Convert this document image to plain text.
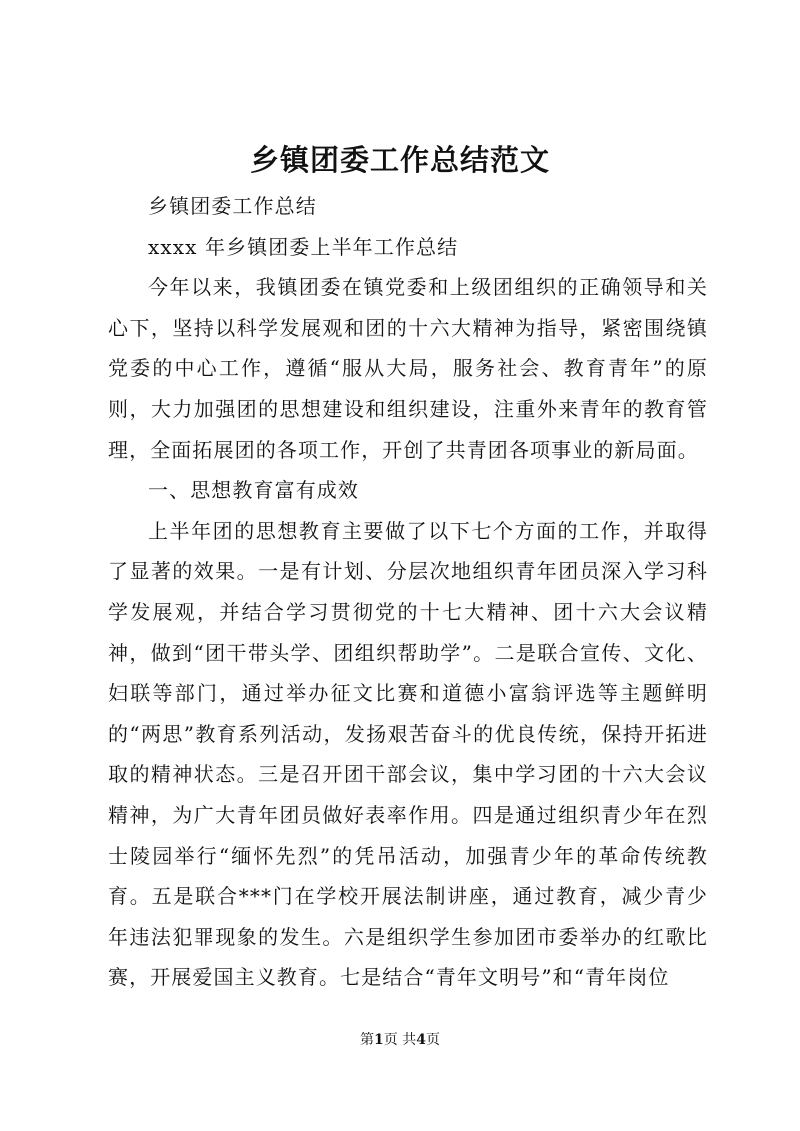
乡镇团委工作总结范文

乡镇团委工作总结

xxxx 年乡镇团委上半年工作总结

今年以来，我镇团委在镇党委和上级团组织的正确领导和关心下，坚持以科学发展观和团的十六大精神为指导，紧密围绕镇党委的中心工作，遵循“服从大局，服务社会、教育青年”的原则，大力加强团的思想建设和组织建设，注重外来青年的教育管理，全面拓展团的各项工作，开创了共青团各项事业的新局面。

一、思想教育富有成效

上半年团的思想教育主要做了以下七个方面的工作，并取得了显著的效果。一是有计划、分层次地组织青年团员深入学习科学发展观，并结合学习贯彻党的十七大精神、团十六大会议精神，做到“团干带头学、团组织帮助学”。二是联合宣传、文化、妇联等部门，通过举办征文比赛和道德小富翁评选等主题鲜明的“两思”教育系列活动，发扬艰苦奋斗的优良传统，保持开拓进取的精神状态。三是召开团干部会议，集中学习团的十六大会议精神，为广大青年团员做好表率作用。四是通过组织青少年在烈士陵园举行“缅怀先烈”的凭吊活动，加强青少年的革命传统教育。五是联合***门在学校开展法制讲座，通过教育，减少青少年违法犯罪现象的发生。六是组织学生参加团市委举办的红歌比赛，开展爱国主义教育。七是结合“青年文明号”和“青年岗位

第1页 共4页
